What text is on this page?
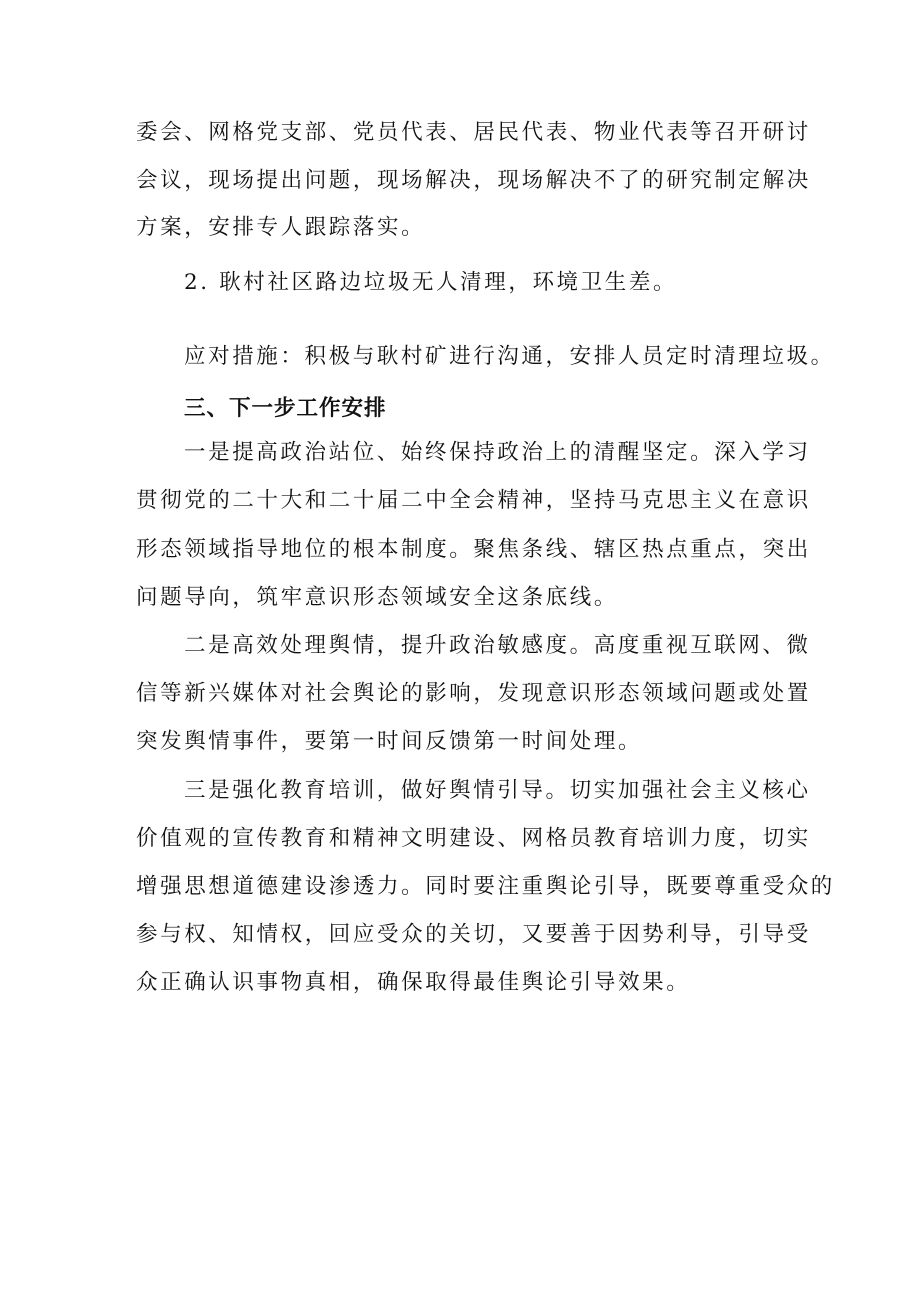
委会、网格党支部、党员代表、居民代表、物业代表等召开研讨

会议，现场提出问题，现场解决，现场解决不了的研究制定解决

方案，安排专人跟踪落实。

2. 耿村社区路边垃圾无人清理，环境卫生差。

应对措施：积极与耿村矿进行沟通，安排人员定时清理垃圾。

三、下一步工作安排

一是提高政治站位、始终保持政治上的清醒坚定。深入学习

贯彻党的二十大和二十届二中全会精神，坚持马克思主义在意识

形态领域指导地位的根本制度。聚焦条线、辖区热点重点，突出

问题导向，筑牢意识形态领域安全这条底线。

二是高效处理舆情，提升政治敏感度。高度重视互联网、微

信等新兴媒体对社会舆论的影响，发现意识形态领域问题或处置

突发舆情事件，要第一时间反馈第一时间处理。

三是强化教育培训，做好舆情引导。切实加强社会主义核心

价值观的宣传教育和精神文明建设、网格员教育培训力度，切实

增强思想道德建设渗透力。同时要注重舆论引导，既要尊重受众的

参与权、知情权，回应受众的关切，又要善于因势利导，引导受

众正确认识事物真相，确保取得最佳舆论引导效果。
